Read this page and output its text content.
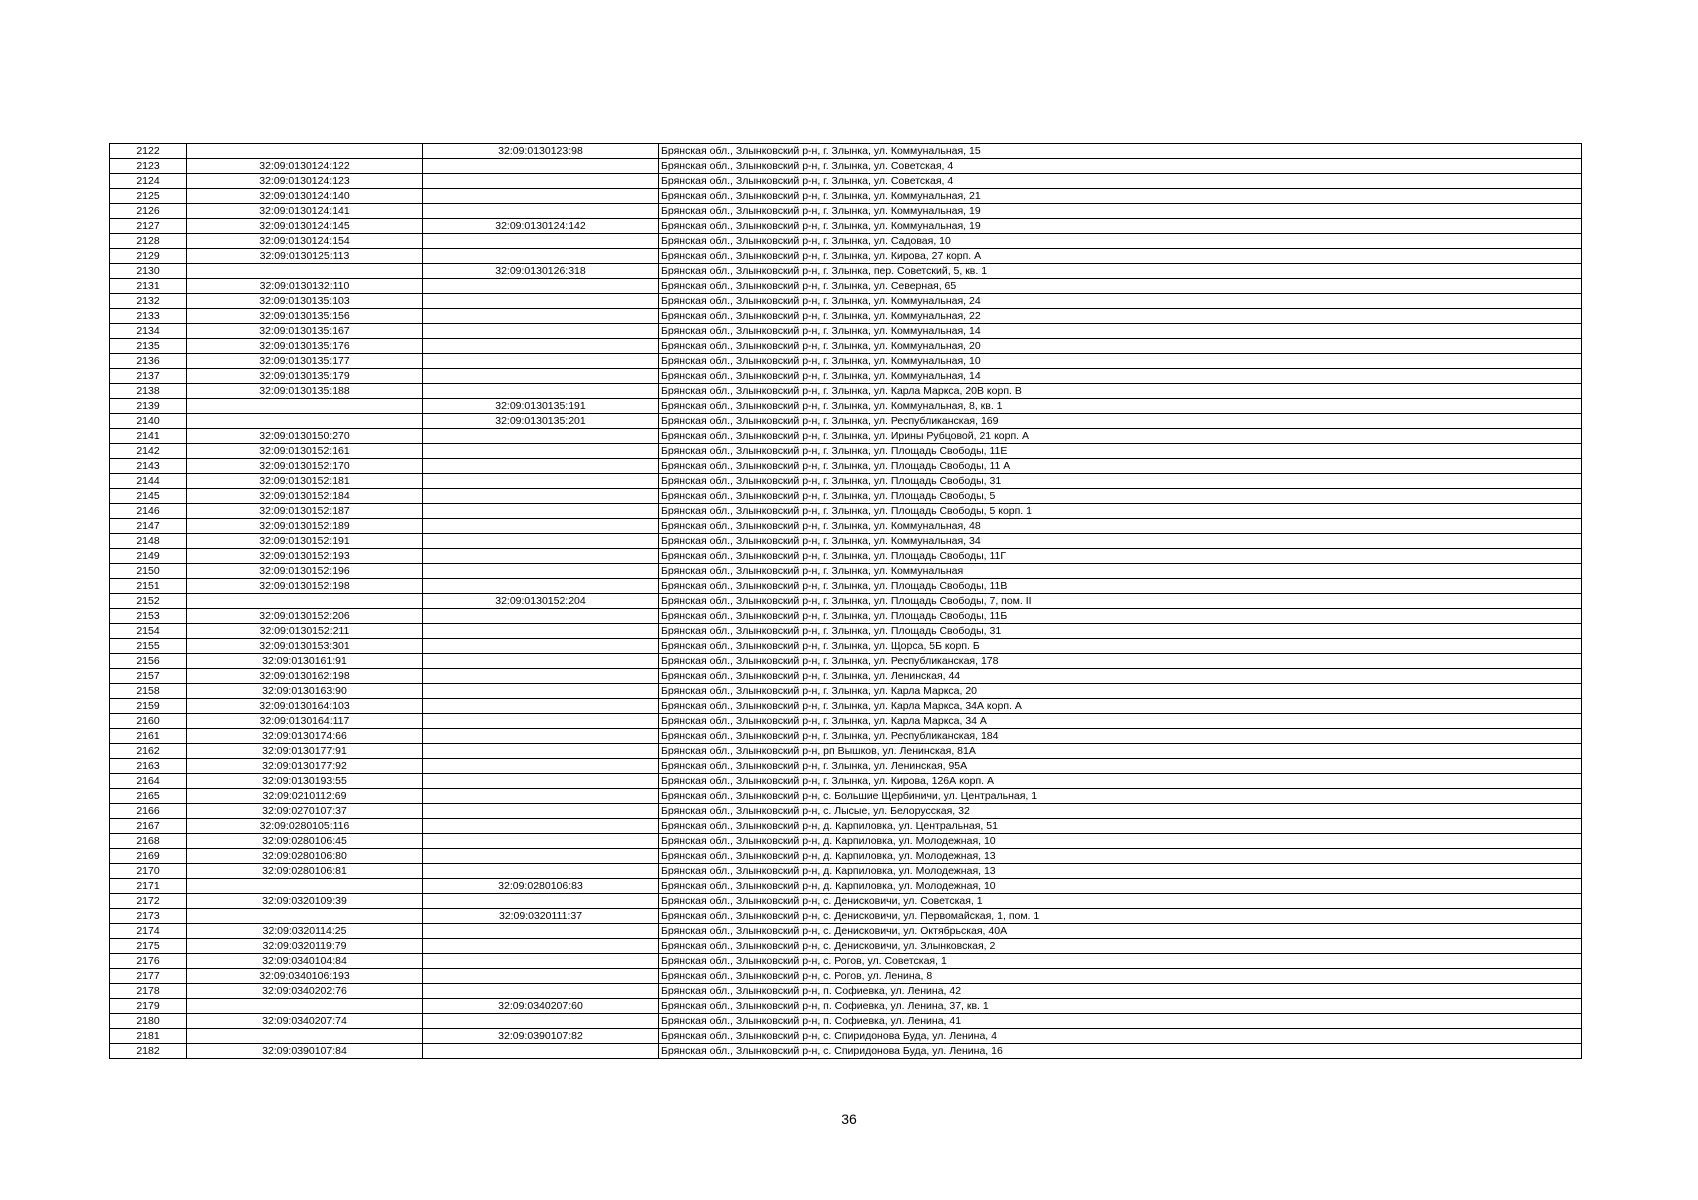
2122		32:09:0130123:98	Брянская обл., Злынковский р-н, г. Злынка, ул. Коммунальная, 15
2123	32:09:0130124:122		Брянская обл., Злынковский р-н, г. Злынка, ул. Советская, 4
2124	32:09:0130124:123		Брянская обл., Злынковский р-н, г. Злынка, ул. Советская, 4
2125	32:09:0130124:140		Брянская обл., Злынковский р-н, г. Злынка, ул. Коммунальная, 21
2126	32:09:0130124:141		Брянская обл., Злынковский р-н, г. Злынка, ул. Коммунальная, 19
2127	32:09:0130124:145	32:09:0130124:142	Брянская обл., Злынковский р-н, г. Злынка, ул. Коммунальная, 19
2128	32:09:0130124:154		Брянская обл., Злынковский р-н, г. Злынка, ул. Садовая, 10
2129	32:09:0130125:113		Брянская обл., Злынковский р-н, г. Злынка, ул. Кирова, 27 корп. А
2130		32:09:0130126:318	Брянская обл., Злынковский р-н, г. Злынка, пер. Советский, 5, кв. 1
2131	32:09:0130132:110		Брянская обл., Злынковский р-н, г. Злынка, ул. Северная, 65
2132	32:09:0130135:103		Брянская обл., Злынковский р-н, г. Злынка, ул. Коммунальная, 24
2133	32:09:0130135:156		Брянская обл., Злынковский р-н, г. Злынка, ул. Коммунальная, 22
2134	32:09:0130135:167		Брянская обл., Злынковский р-н, г. Злынка, ул. Коммунальная, 14
2135	32:09:0130135:176		Брянская обл., Злынковский р-н, г. Злынка, ул. Коммунальная, 20
2136	32:09:0130135:177		Брянская обл., Злынковский р-н, г. Злынка, ул. Коммунальная, 10
2137	32:09:0130135:179		Брянская обл., Злынковский р-н, г. Злынка, ул. Коммунальная, 14
2138	32:09:0130135:188		Брянская обл., Злынковский р-н, г. Злынка, ул. Карла Маркса, 20В корп. В
2139		32:09:0130135:191	Брянская обл., Злынковский р-н, г. Злынка, ул. Коммунальная, 8, кв. 1
2140		32:09:0130135:201	Брянская обл., Злынковский р-н, г. Злынка, ул. Республиканская, 169
2141	32:09:0130150:270		Брянская обл., Злынковский р-н, г. Злынка, ул. Ирины Рубцовой, 21 корп. А
2142	32:09:0130152:161		Брянская обл., Злынковский р-н, г. Злынка, ул. Площадь Свободы, 11Е
2143	32:09:0130152:170		Брянская обл., Злынковский р-н, г. Злынка, ул. Площадь Свободы, 11 А
2144	32:09:0130152:181		Брянская обл., Злынковский р-н, г. Злынка, ул. Площадь Свободы, 31
2145	32:09:0130152:184		Брянская обл., Злынковский р-н, г. Злынка, ул. Площадь Свободы, 5
2146	32:09:0130152:187		Брянская обл., Злынковский р-н, г. Злынка, ул. Площадь Свободы, 5 корп. 1
2147	32:09:0130152:189		Брянская обл., Злынковский р-н, г. Злынка, ул. Коммунальная, 48
2148	32:09:0130152:191		Брянская обл., Злынковский р-н, г. Злынка, ул. Коммунальная, 34
2149	32:09:0130152:193		Брянская обл., Злынковский р-н, г. Злынка, ул. Площадь Свободы, 11Г
2150	32:09:0130152:196		Брянская обл., Злынковский р-н, г. Злынка, ул. Коммунальная
2151	32:09:0130152:198		Брянская обл., Злынковский р-н, г. Злынка, ул. Площадь Свободы, 11В
2152		32:09:0130152:204	Брянская обл., Злынковский р-н, г. Злынка, ул. Площадь Свободы, 7, пом. II
2153	32:09:0130152:206		Брянская обл., Злынковский р-н, г. Злынка, ул. Площадь Свободы, 11Б
2154	32:09:0130152:211		Брянская обл., Злынковский р-н, г. Злынка, ул. Площадь Свободы, 31
2155	32:09:0130153:301		Брянская обл., Злынковский р-н, г. Злынка, ул. Щорса, 5Б корп. Б
2156	32:09:0130161:91		Брянская обл., Злынковский р-н, г. Злынка, ул. Республиканская, 178
2157	32:09:0130162:198		Брянская обл., Злынковский р-н, г. Злынка, ул. Ленинская, 44
2158	32:09:0130163:90		Брянская обл., Злынковский р-н, г. Злынка, ул. Карла Маркса, 20
2159	32:09:0130164:103		Брянская обл., Злынковский р-н, г. Злынка, ул. Карла Маркса, 34А корп. А
2160	32:09:0130164:117		Брянская обл., Злынковский р-н, г. Злынка, ул. Карла Маркса, 34 А
2161	32:09:0130174:66		Брянская обл., Злынковский р-н, г. Злынка, ул. Республиканская, 184
2162	32:09:0130177:91		Брянская обл., Злынковский р-н, рп Вышков, ул. Ленинская, 81А
2163	32:09:0130177:92		Брянская обл., Злынковский р-н, г. Злынка, ул. Ленинская, 95А
2164	32:09:0130193:55		Брянская обл., Злынковский р-н, г. Злынка, ул. Кирова, 126А корп. А
2165	32:09:0210112:69		Брянская обл., Злынковский р-н, с. Большие Щербиничи, ул. Центральная, 1
2166	32:09:0270107:37		Брянская обл., Злынковский р-н, с. Лысые, ул. Белорусская, 32
2167	32:09:0280105:116		Брянская обл., Злынковский р-н, д. Карпиловка, ул. Центральная, 51
2168	32:09:0280106:45		Брянская обл., Злынковский р-н, д. Карпиловка, ул. Молодежная, 10
2169	32:09:0280106:80		Брянская обл., Злынковский р-н, д. Карпиловка, ул. Молодежная, 13
2170	32:09:0280106:81		Брянская обл., Злынковский р-н, д. Карпиловка, ул. Молодежная, 13
2171		32:09:0280106:83	Брянская обл., Злынковский р-н, д. Карпиловка, ул. Молодежная, 10
2172	32:09:0320109:39		Брянская обл., Злынковский р-н, с. Денисковичи, ул. Советская, 1
2173		32:09:0320111:37	Брянская обл., Злынковский р-н, с. Денисковичи, ул. Первомайская, 1, пом. 1
2174	32:09:0320114:25		Брянская обл., Злынковский р-н, с. Денисковичи, ул. Октябрьская, 40А
2175	32:09:0320119:79		Брянская обл., Злынковский р-н, с. Денисковичи, ул. Злынковская, 2
2176	32:09:0340104:84		Брянская обл., Злынковский р-н, с. Рогов, ул. Советская, 1
2177	32:09:0340106:193		Брянская обл., Злынковский р-н, с. Рогов, ул. Ленина, 8
2178	32:09:0340202:76		Брянская обл., Злынковский р-н, п. Софиевка, ул. Ленина, 42
2179		32:09:0340207:60	Брянская обл., Злынковский р-н, п. Софиевка, ул. Ленина, 37, кв. 1
2180	32:09:0340207:74		Брянская обл., Злынковский р-н, п. Софиевка, ул. Ленина, 41
2181		32:09:0390107:82	Брянская обл., Злынковский р-н, с. Спиридонова Буда, ул. Ленина, 4
2182	32:09:0390107:84		Брянская обл., Злынковский р-н, с. Спиридонова Буда, ул. Ленина, 16
36
